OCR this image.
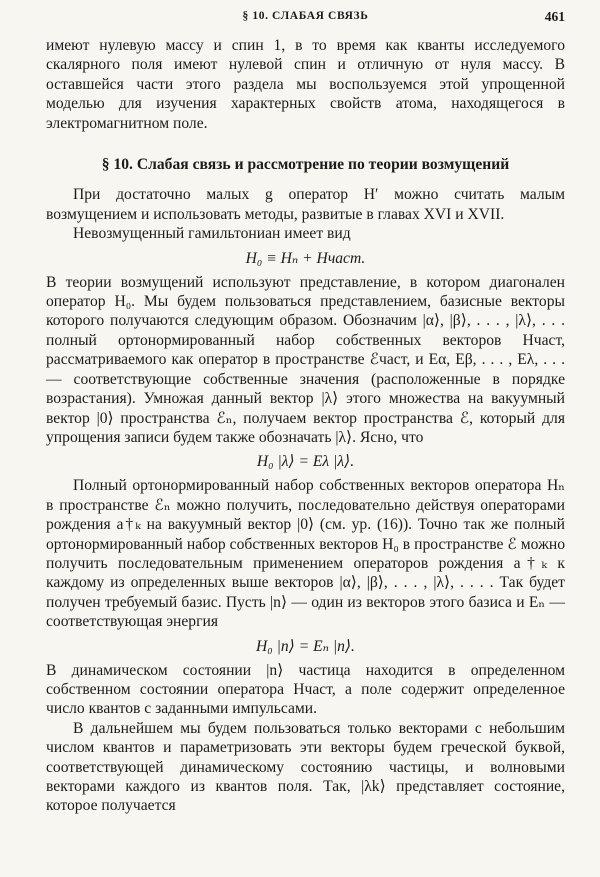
§ 10. СЛАБАЯ СВЯЗЬ	461

имеют нулевую массу и спин 1, в то время как кванты исследуемого скалярного поля имеют нулевой спин и отличную от нуля массу. В оставшейся части этого раздела мы воспользуемся этой упрощенной моделью для изучения характерных свойств атома, находящегося в электромагнитном поле.

§ 10. Слабая связь и рассмотрение по теории возмущений

При достаточно малых g оператор H′ можно считать малым возмущением и использовать методы, развитые в главах XVI и XVII.

Невозмущенный гамильтониан имеет вид

H₀ ≡ Hₙ + Hчаст.

В теории возмущений используют представление, в котором диагонален оператор H₀. Мы будем пользоваться представлением, базисные векторы которого получаются следующим образом. Обозначим |α⟩, |β⟩, . . . , |λ⟩, . . . полный ортонормированный набор собственных векторов Hчаст, рассматриваемого как оператор в пространстве ℰчаст, и Eα, Eβ, . . . , Eλ, . . . — соответствующие собственные значения (расположенные в порядке возрастания). Умножая данный вектор |λ⟩ этого множества на вакуумный вектор |0⟩ пространства ℰₙ, получаем вектор пространства ℰ, который для упрощения записи будем также обозначать |λ⟩. Ясно, что

H₀ |λ⟩ = Eλ |λ⟩.

Полный ортонормированный набор собственных векторов оператора Hₙ в пространстве ℰₙ можно получить, последовательно действуя операторами рождения a†ₖ на вакуумный вектор |0⟩ (см. ур. (16)). Точно так же полный ортонормированный набор собственных векторов H₀ в пространстве ℰ можно получить последовательным применением операторов рождения a†ₖ к каждому из определенных выше векторов |α⟩, |β⟩, . . . , |λ⟩, . . . . Так будет получен требуемый базис. Пусть |n⟩ — один из векторов этого базиса и Eₙ — соответствующая энергия

H₀ |n⟩ = Eₙ |n⟩.

В динамическом состоянии |n⟩ частица находится в определенном собственном состоянии оператора Hчаст, а поле содержит определенное число квантов с заданными импульсами.

В дальнейшем мы будем пользоваться только векторами с небольшим числом квантов и параметризовать эти векторы будем греческой буквой, соответствующей динамическому состоянию частицы, и волновыми векторами каждого из квантов поля. Так, |λk⟩ представляет состояние, которое получается
